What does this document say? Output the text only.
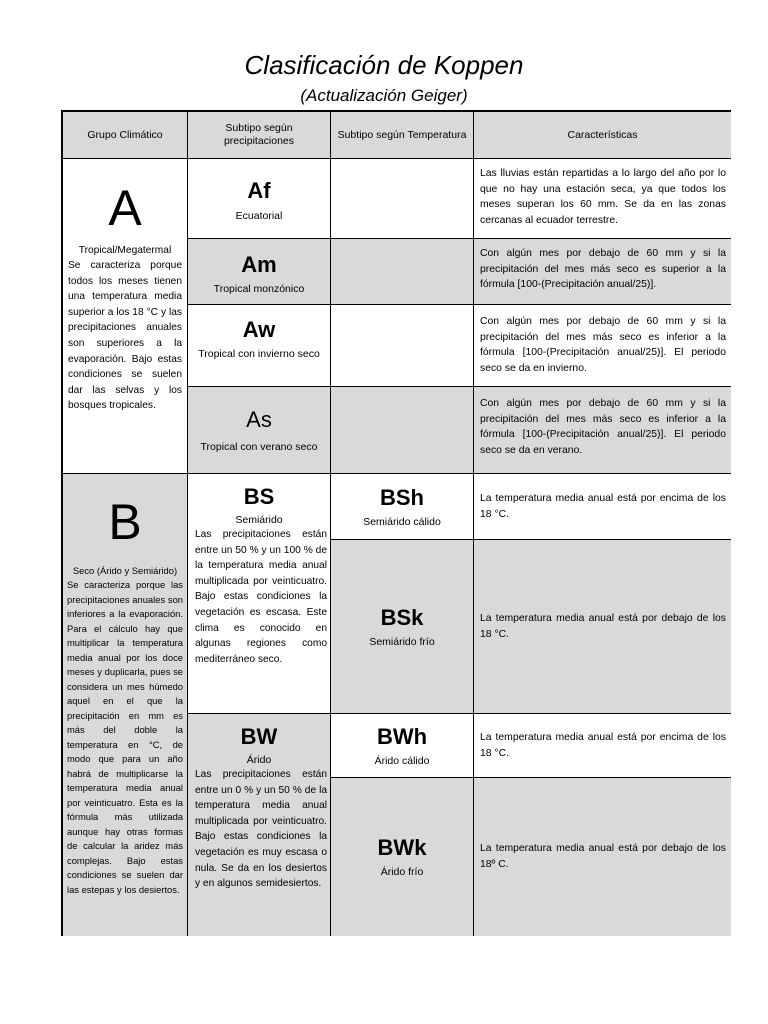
Clasificación de Koppen
(Actualización Geiger)
Grupo Climático
Subtipo según precipitaciones
Subtipo según Temperatura	Características
A
Tropical/Megatermal
Se caracteriza porque todos los meses tienen una temperatura media superior a los 18 °C y las precipitaciones anuales son superiores a la evaporación. Bajo estas condiciones se suelen dar las selvas y los bosques tropicales.
Af
Ecuatorial
Las lluvias están repartidas a lo largo del año por lo que no hay una estación seca, ya que todos los meses superan los 60 mm. Se da en las zonas cercanas al ecuador terrestre.
Am
Tropical monzónico
Con algún mes por debajo de 60 mm y si la precipitación del mes más seco es superior a la fórmula [100-(Precipitación anual/25)].
Aw
Tropical con invierno seco
Con algún mes por debajo de 60 mm y si la precipitación del mes más seco es inferior a la fórmula [100-(Precipitación anual/25)]. El periodo seco se da en invierno.
As
Tropical con verano seco
Con algún mes por debajo de 60 mm y si la precipitación del mes más seco es inferior a la fórmula [100-(Precipitación anual/25)]. El periodo seco se da en verano.
B
Seco (Árido y Semiárido)
Se caracteriza porque las precipitaciones anuales son inferiores a la evaporación. Para el cálculo hay que multiplicar la temperatura media anual por los doce meses y duplicarla, pues se considera un mes húmedo aquel en el que la precipitación en mm es más del doble la temperatura en °C, de modo que para un año habrá de multiplicarse la temperatura media anual por veinticuatro. Esta es la fórmula más utilizada aunque hay otras formas de calcular la aridez más complejas. Bajo estas condiciones se suelen dar las estepas y los desiertos.
BS
Semiárido
Las precipitaciones están entre un 50 % y un 100 % de la temperatura media anual multiplicada por veinticuatro. Bajo estas condiciones la vegetación es escasa. Este clima es conocido en algunas regiones como mediterráneo seco.
BSh
Semiárido cálido
La temperatura media anual está por encima de los 18 °C.
BSk
Semiárido frío
La temperatura media anual está por debajo de los 18 °C.
BW
Árido
Las precipitaciones están entre un 0 % y un 50 % de la temperatura media anual multiplicada por veinticuatro. Bajo estas condiciones la vegetación es muy escasa o nula. Se da en los desiertos y en algunos semidesiertos.
BWh
Árido cálido
La temperatura media anual está por encima de los 18 °C.
BWk
Árido frío
La temperatura media anual está por debajo de los 18º C.
